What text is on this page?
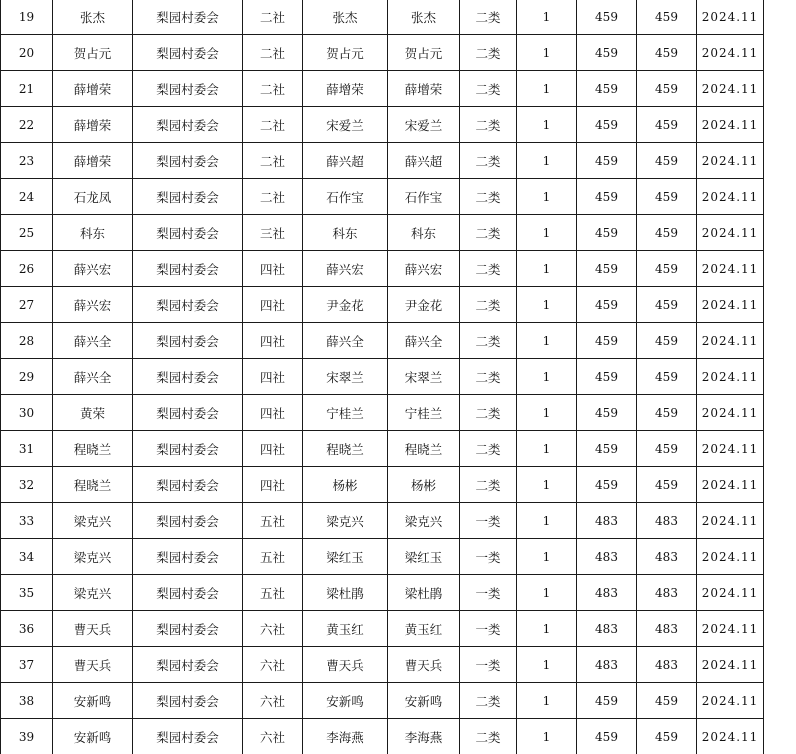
19	张杰	梨园村委会	二社	张杰	张杰	二类	1	459	459	2024.11
20	贺占元	梨园村委会	二社	贺占元	贺占元	二类	1	459	459	2024.11
21	薛增荣	梨园村委会	二社	薛增荣	薛增荣	二类	1	459	459	2024.11
22	薛增荣	梨园村委会	二社	宋爱兰	宋爱兰	二类	1	459	459	2024.11
23	薛增荣	梨园村委会	二社	薛兴超	薛兴超	二类	1	459	459	2024.11
24	石龙凤	梨园村委会	二社	石作宝	石作宝	二类	1	459	459	2024.11
25	科东	梨园村委会	三社	科东	科东	二类	1	459	459	2024.11
26	薛兴宏	梨园村委会	四社	薛兴宏	薛兴宏	二类	1	459	459	2024.11
27	薛兴宏	梨园村委会	四社	尹金花	尹金花	二类	1	459	459	2024.11
28	薛兴全	梨园村委会	四社	薛兴全	薛兴全	二类	1	459	459	2024.11
29	薛兴全	梨园村委会	四社	宋翠兰	宋翠兰	二类	1	459	459	2024.11
30	黄荣	梨园村委会	四社	宁桂兰	宁桂兰	二类	1	459	459	2024.11
31	程晓兰	梨园村委会	四社	程晓兰	程晓兰	二类	1	459	459	2024.11
32	程晓兰	梨园村委会	四社	杨彬	杨彬	二类	1	459	459	2024.11
33	梁克兴	梨园村委会	五社	梁克兴	梁克兴	一类	1	483	483	2024.11
34	梁克兴	梨园村委会	五社	梁红玉	梁红玉	一类	1	483	483	2024.11
35	梁克兴	梨园村委会	五社	梁杜鹃	梁杜鹃	一类	1	483	483	2024.11
36	曹天兵	梨园村委会	六社	黄玉红	黄玉红	一类	1	483	483	2024.11
37	曹天兵	梨园村委会	六社	曹天兵	曹天兵	一类	1	483	483	2024.11
38	安新鸣	梨园村委会	六社	安新鸣	安新鸣	二类	1	459	459	2024.11
39	安新鸣	梨园村委会	六社	李海燕	李海燕	二类	1	459	459	2024.11
